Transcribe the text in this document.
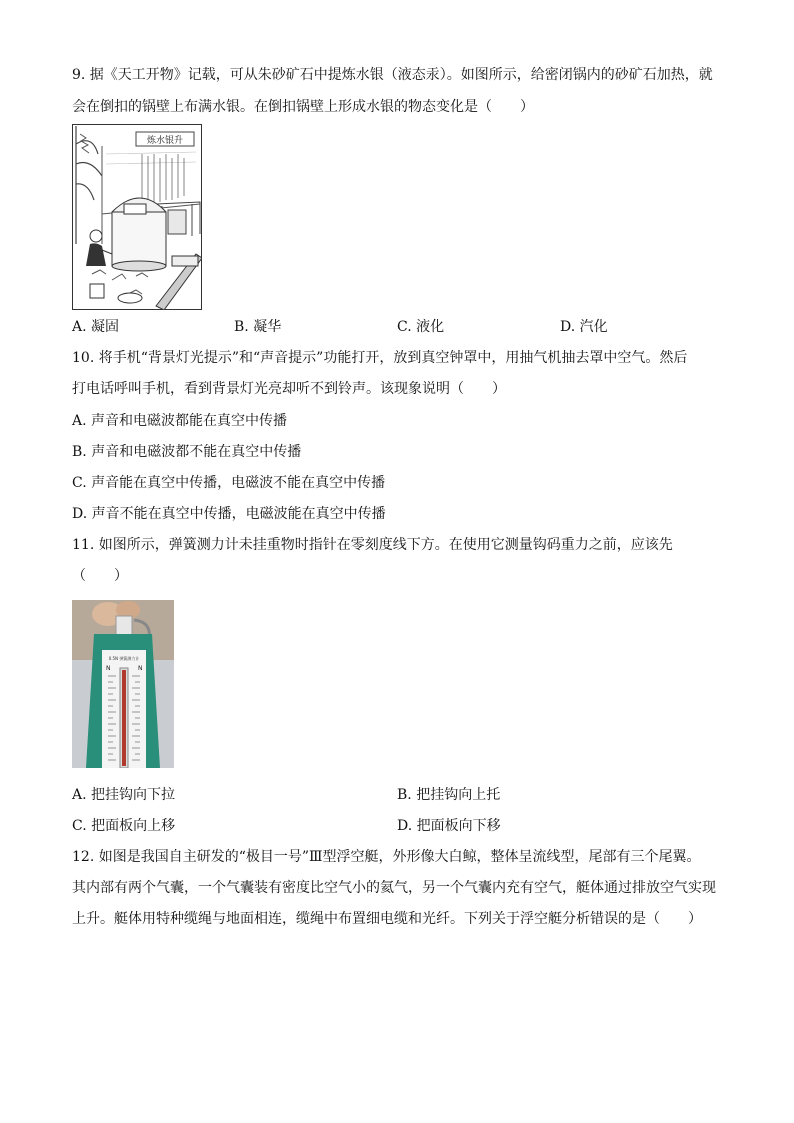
9. 据《天工开物》记载，可从朱砂矿石中提炼水银（液态汞）。如图所示，给密闭锅内的砂矿石加热，就
会在倒扣的锅壁上布满水银。在倒扣锅壁上形成水银的物态变化是（　　）
炼水银升
A. 凝固	B. 凝华	C. 液化	D. 汽化
10. 将手机“背景灯光提示”和“声音提示”功能打开，放到真空钟罩中，用抽气机抽去罩中空气。然后
打电话呼叫手机，看到背景灯光亮却听不到铃声。该现象说明（　　）
A. 声音和电磁波都能在真空中传播
B. 声音和电磁波都不能在真空中传播
C. 声音能在真空中传播，电磁波不能在真空中传播
D. 声音不能在真空中传播，电磁波能在真空中传播
11. 如图所示，弹簧测力计未挂重物时指针在零刻度线下方。在使用它测量钩码重力之前，应该先
（　　）
0.5N 弹簧测力计
N	N
A. 把挂钩向下拉	B. 把挂钩向上托
C. 把面板向上移	D. 把面板向下移
12. 如图是我国自主研发的“极目一号”Ⅲ型浮空艇，外形像大白鲸，整体呈流线型，尾部有三个尾翼。
其内部有两个气囊，一个气囊装有密度比空气小的氦气，另一个气囊内充有空气，艇体通过排放空气实现
上升。艇体用特种缆绳与地面相连，缆绳中布置细电缆和光纤。下列关于浮空艇分析错误的是（　　）
